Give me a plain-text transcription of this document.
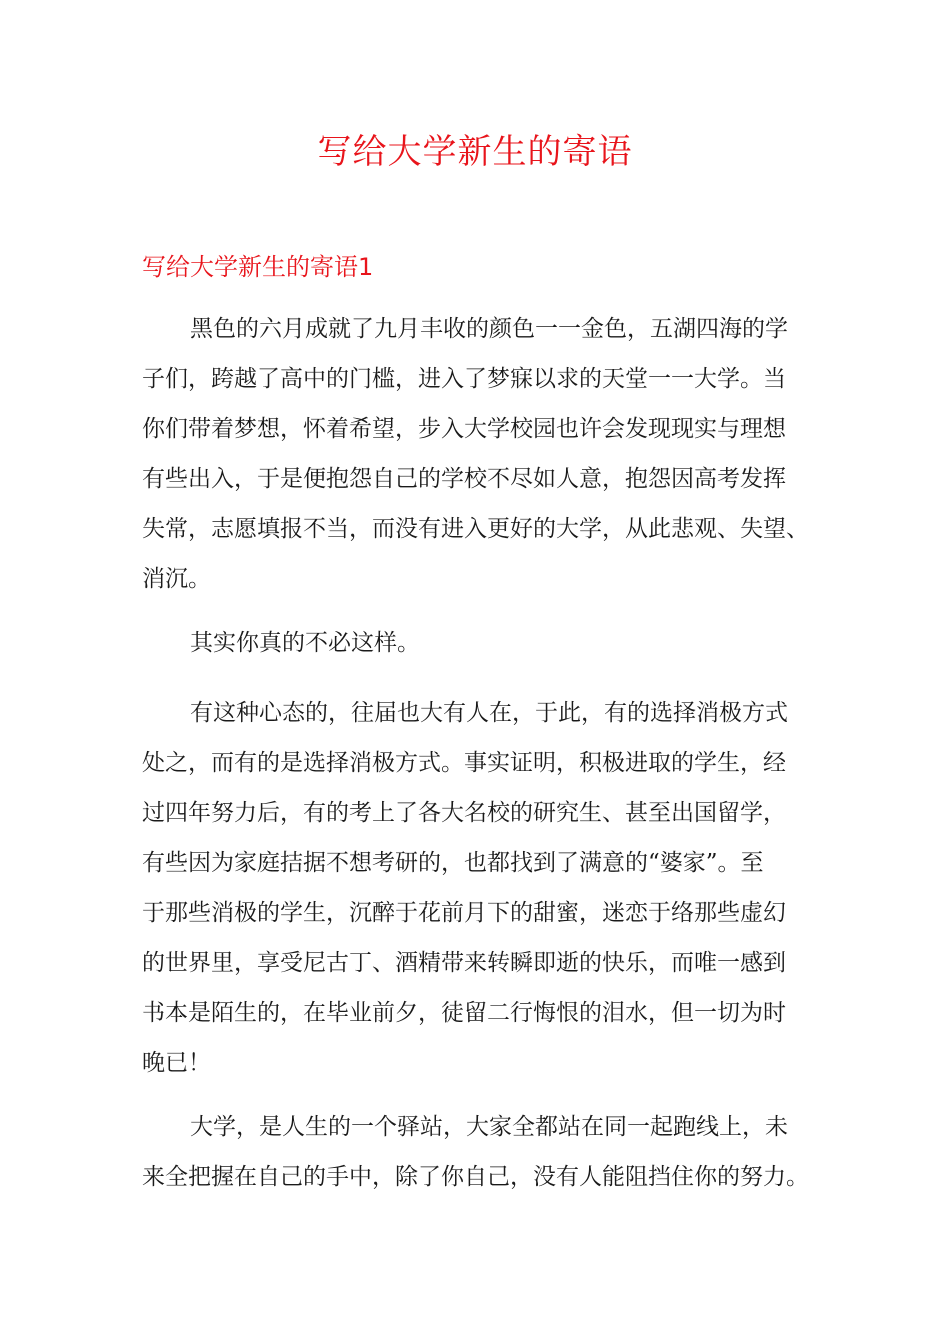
写给大学新生的寄语
写给大学新生的寄语1
黑色的六月成就了九月丰收的颜色一一金色，五湖四海的学
子们，跨越了高中的门槛，进入了梦寐以求的天堂一一大学。当
你们带着梦想，怀着希望，步入大学校园也许会发现现实与理想
有些出入，于是便抱怨自己的学校不尽如人意，抱怨因高考发挥
失常，志愿填报不当，而没有进入更好的大学，从此悲观、失望、
消沉。
其实你真的不必这样。
有这种心态的，往届也大有人在，于此，有的选择消极方式
处之，而有的是选择消极方式。事实证明，积极进取的学生，经
过四年努力后，有的考上了各大名校的研究生、甚至出国留学，
有些因为家庭拮据不想考研的，也都找到了满意的“婆家”。至
于那些消极的学生，沉醉于花前月下的甜蜜，迷恋于络那些虚幻
的世界里，享受尼古丁、酒精带来转瞬即逝的快乐，而唯一感到
书本是陌生的，在毕业前夕，徒留二行悔恨的泪水，但一切为时
晚已！
大学，是人生的一个驿站，大家全都站在同一起跑线上，未
来全把握在自己的手中，除了你自己，没有人能阻挡住你的努力。
